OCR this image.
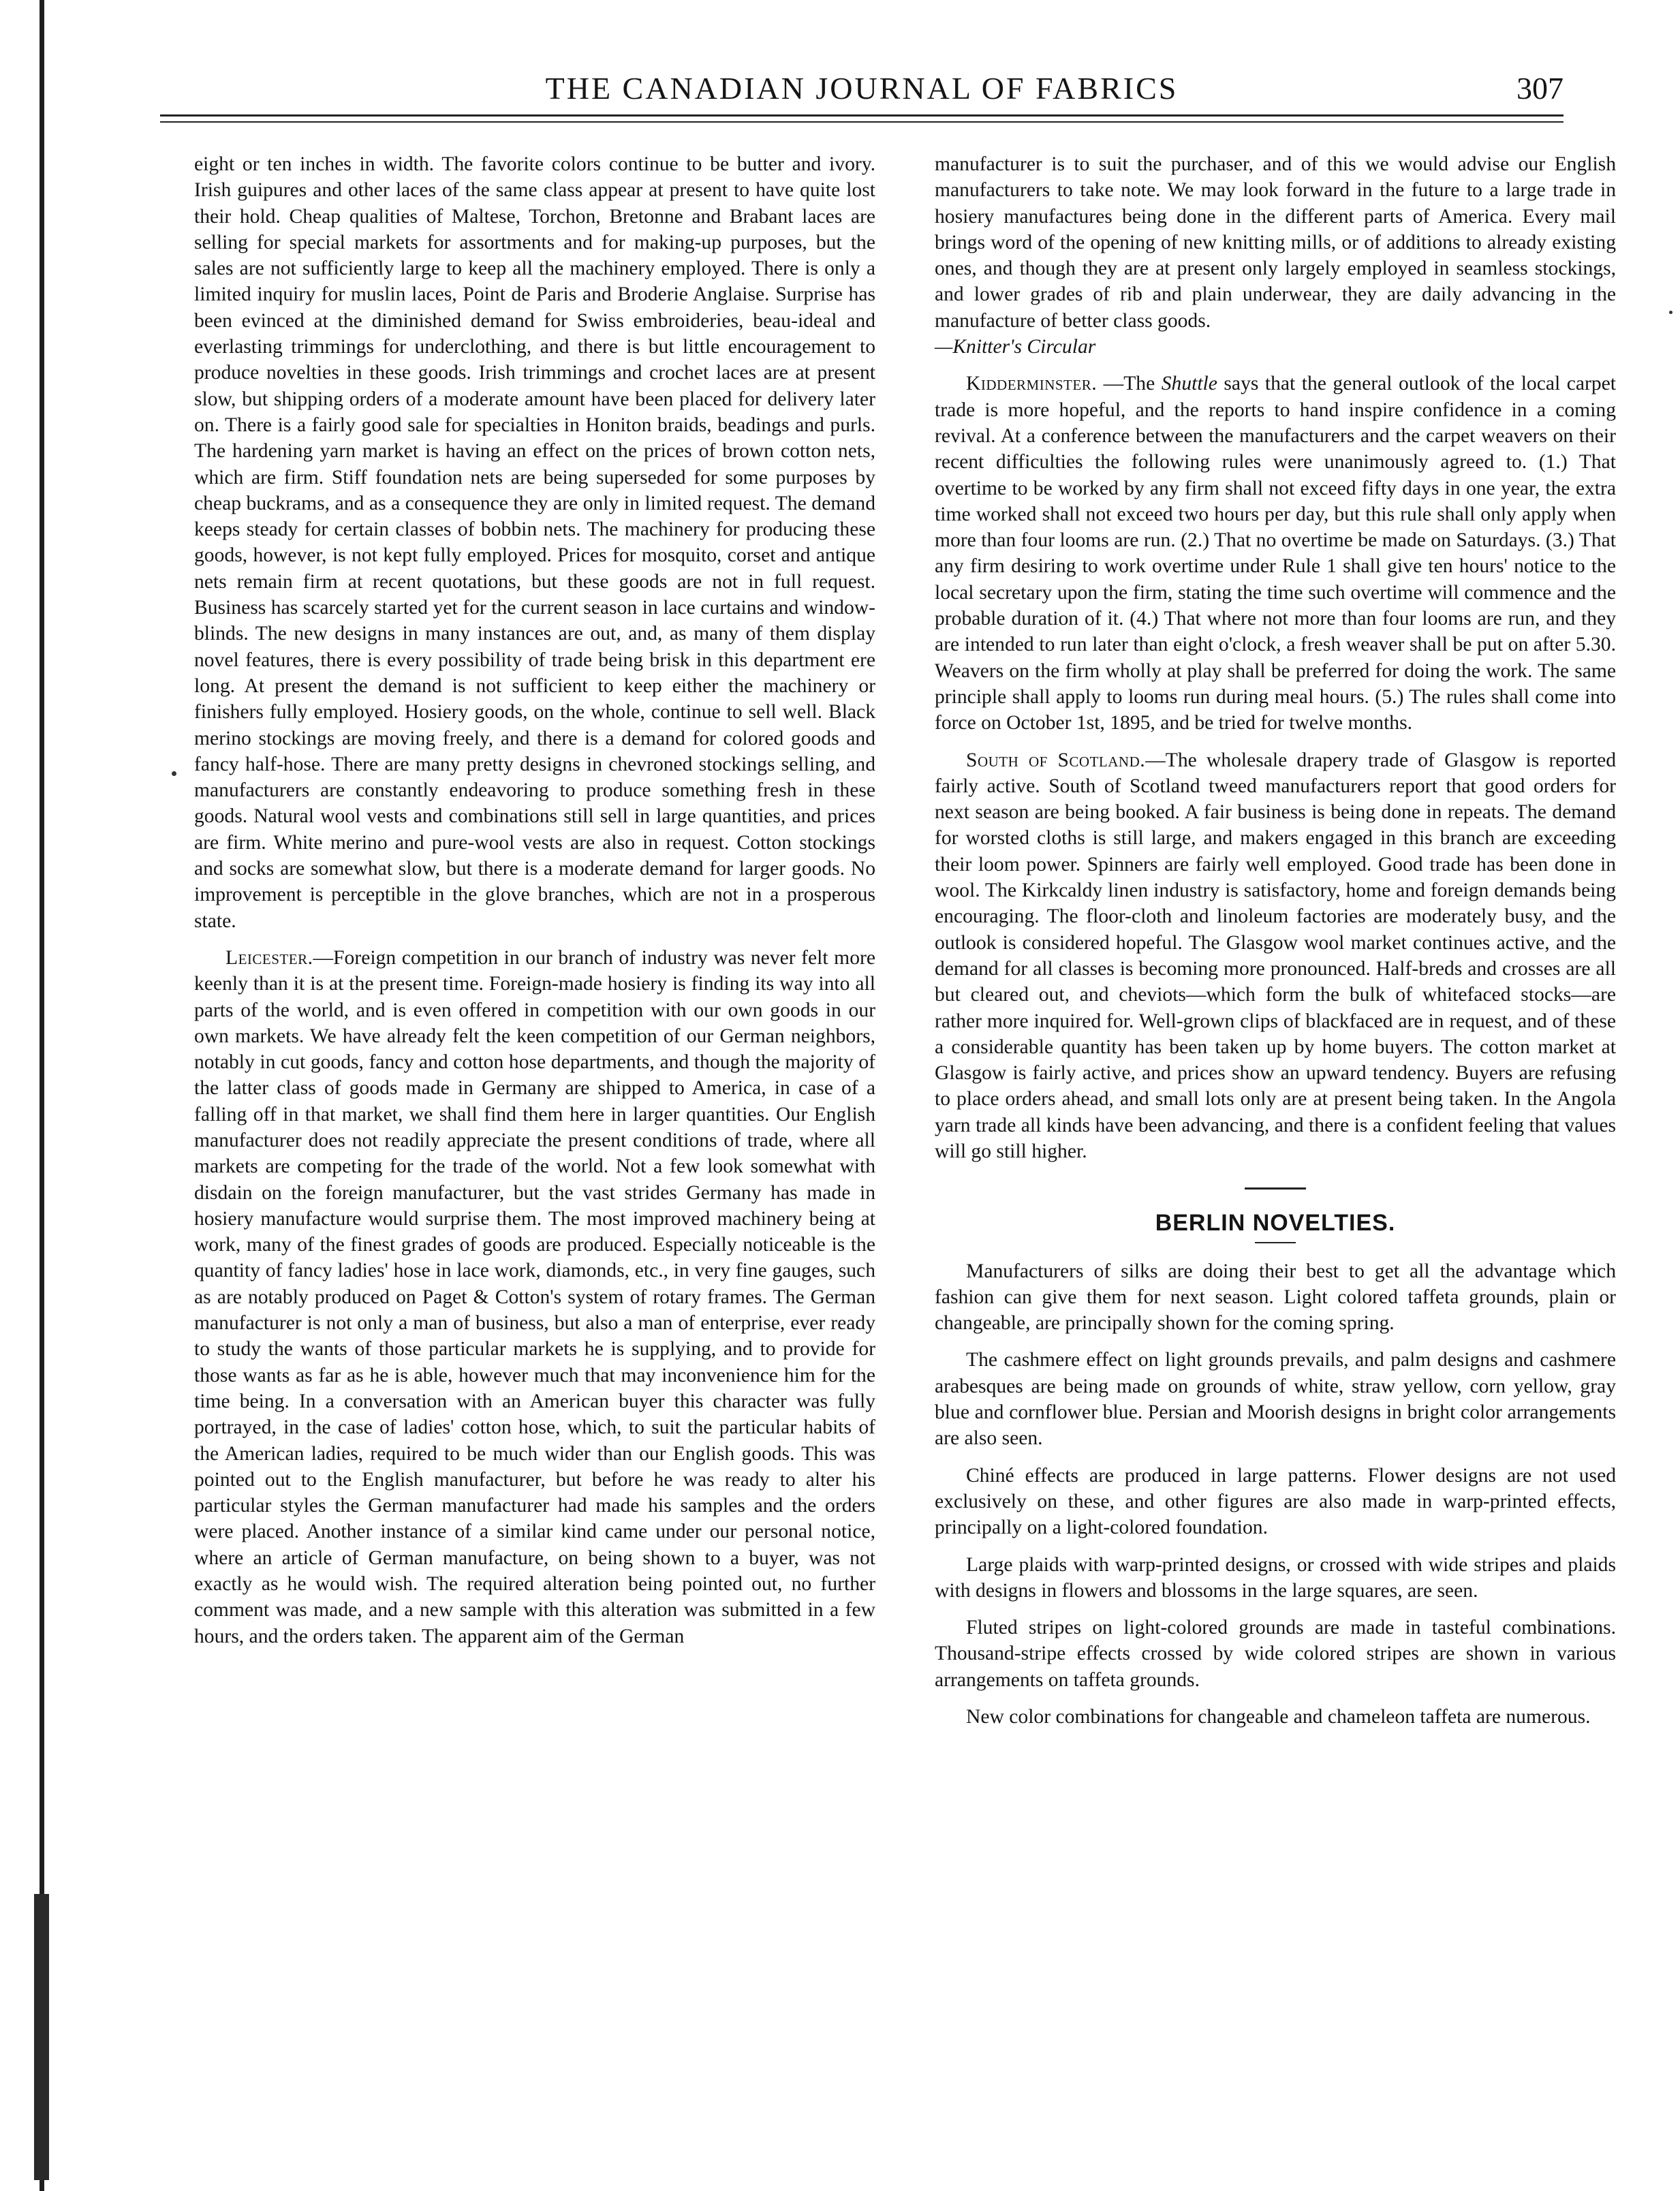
THE CANADIAN JOURNAL OF FABRICS	307

eight or ten inches in width. The favorite colors continue to be butter and ivory. Irish guipures and other laces of the same class appear at present to have quite lost their hold. Cheap qualities of Maltese, Torchon, Bretonne and Brabant laces are selling for special markets for assortments and for making-up purposes, but the sales are not sufficiently large to keep all the machinery employed. There is only a limited inquiry for muslin laces, Point de Paris and Broderie Anglaise. Surprise has been evinced at the diminished demand for Swiss embroideries, beau-ideal and everlasting trimmings for underclothing, and there is but little encouragement to produce novelties in these goods. Irish trimmings and crochet laces are at present slow, but shipping orders of a moderate amount have been placed for delivery later on. There is a fairly good sale for specialties in Honiton braids, beadings and purls. The hardening yarn market is having an effect on the prices of brown cotton nets, which are firm. Stiff foundation nets are being superseded for some purposes by cheap buckrams, and as a consequence they are only in limited request. The demand keeps steady for certain classes of bobbin nets. The machinery for producing these goods, however, is not kept fully employed. Prices for mosquito, corset and antique nets remain firm at recent quotations, but these goods are not in full request. Business has scarcely started yet for the current season in lace curtains and window-blinds. The new designs in many instances are out, and, as many of them display novel features, there is every possibility of trade being brisk in this department ere long. At present the demand is not sufficient to keep either the machinery or finishers fully employed. Hosiery goods, on the whole, continue to sell well. Black merino stockings are moving freely, and there is a demand for colored goods and fancy half-hose. There are many pretty designs in chevroned stockings selling, and manufacturers are constantly endeavoring to produce something fresh in these goods. Natural wool vests and combinations still sell in large quantities, and prices are firm. White merino and pure-wool vests are also in request. Cotton stockings and socks are somewhat slow, but there is a moderate demand for larger goods. No improvement is perceptible in the glove branches, which are not in a prosperous state.

Leicester.—Foreign competition in our branch of industry was never felt more keenly than it is at the present time. Foreign-made hosiery is finding its way into all parts of the world, and is even offered in competition with our own goods in our own markets. We have already felt the keen competition of our German neighbors, notably in cut goods, fancy and cotton hose departments, and though the majority of the latter class of goods made in Germany are shipped to America, in case of a falling off in that market, we shall find them here in larger quantities. Our English manufacturer does not readily appreciate the present conditions of trade, where all markets are competing for the trade of the world. Not a few look somewhat with disdain on the foreign manufacturer, but the vast strides Germany has made in hosiery manufacture would surprise them. The most improved machinery being at work, many of the finest grades of goods are produced. Especially noticeable is the quantity of fancy ladies' hose in lace work, diamonds, etc., in very fine gauges, such as are notably produced on Paget & Cotton's system of rotary frames. The German manufacturer is not only a man of business, but also a man of enterprise, ever ready to study the wants of those particular markets he is supplying, and to provide for those wants as far as he is able, however much that may inconvenience him for the time being. In a conversation with an American buyer this character was fully portrayed, in the case of ladies' cotton hose, which, to suit the particular habits of the American ladies, required to be much wider than our English goods. This was pointed out to the English manufacturer, but before he was ready to alter his particular styles the German manufacturer had made his samples and the orders were placed. Another instance of a similar kind came under our personal notice, where an article of German manufacture, on being shown to a buyer, was not exactly as he would wish. The required alteration being pointed out, no further comment was made, and a new sample with this alteration was submitted in a few hours, and the orders taken. The apparent aim of the German

manufacturer is to suit the purchaser, and of this we would advise our English manufacturers to take note. We may look forward in the future to a large trade in hosiery manufactures being done in the different parts of America. Every mail brings word of the opening of new knitting mills, or of additions to already existing ones, and though they are at present only largely employed in seamless stockings, and lower grades of rib and plain underwear, they are daily advancing in the manufacture of better class goods.
—Knitter's Circular

Kidderminster. —The Shuttle says that the general outlook of the local carpet trade is more hopeful, and the reports to hand inspire confidence in a coming revival. At a conference between the manufacturers and the carpet weavers on their recent difficulties the following rules were unanimously agreed to. (1.) That overtime to be worked by any firm shall not exceed fifty days in one year, the extra time worked shall not exceed two hours per day, but this rule shall only apply when more than four looms are run. (2.) That no overtime be made on Saturdays. (3.) That any firm desiring to work overtime under Rule 1 shall give ten hours' notice to the local secretary upon the firm, stating the time such overtime will commence and the probable duration of it. (4.) That where not more than four looms are run, and they are intended to run later than eight o'clock, a fresh weaver shall be put on after 5.30. Weavers on the firm wholly at play shall be preferred for doing the work. The same principle shall apply to looms run during meal hours. (5.) The rules shall come into force on October 1st, 1895, and be tried for twelve months.

South of Scotland.—The wholesale drapery trade of Glasgow is reported fairly active. South of Scotland tweed manufacturers report that good orders for next season are being booked. A fair business is being done in repeats. The demand for worsted cloths is still large, and makers engaged in this branch are exceeding their loom power. Spinners are fairly well employed. Good trade has been done in wool. The Kirkcaldy linen industry is satisfactory, home and foreign demands being encouraging. The floor-cloth and linoleum factories are moderately busy, and the outlook is considered hopeful. The Glasgow wool market continues active, and the demand for all classes is becoming more pronounced. Half-breds and crosses are all but cleared out, and cheviots—which form the bulk of whitefaced stocks—are rather more inquired for. Well-grown clips of blackfaced are in request, and of these a considerable quantity has been taken up by home buyers. The cotton market at Glasgow is fairly active, and prices show an upward tendency. Buyers are refusing to place orders ahead, and small lots only are at present being taken. In the Angola yarn trade all kinds have been advancing, and there is a confident feeling that values will go still higher.

BERLIN NOVELTIES.

Manufacturers of silks are doing their best to get all the advantage which fashion can give them for next season. Light colored taffeta grounds, plain or changeable, are principally shown for the coming spring.

The cashmere effect on light grounds prevails, and palm designs and cashmere arabesques are being made on grounds of white, straw yellow, corn yellow, gray blue and cornflower blue. Persian and Moorish designs in bright color arrangements are also seen.

Chiné effects are produced in large patterns. Flower designs are not used exclusively on these, and other figures are also made in warp-printed effects, principally on a light-colored foundation.

Large plaids with warp-printed designs, or crossed with wide stripes and plaids with designs in flowers and blossoms in the large squares, are seen.

Fluted stripes on light-colored grounds are made in tasteful combinations. Thousand-stripe effects crossed by wide colored stripes are shown in various arrangements on taffeta grounds.

New color combinations for changeable and chameleon taffeta are numerous.
